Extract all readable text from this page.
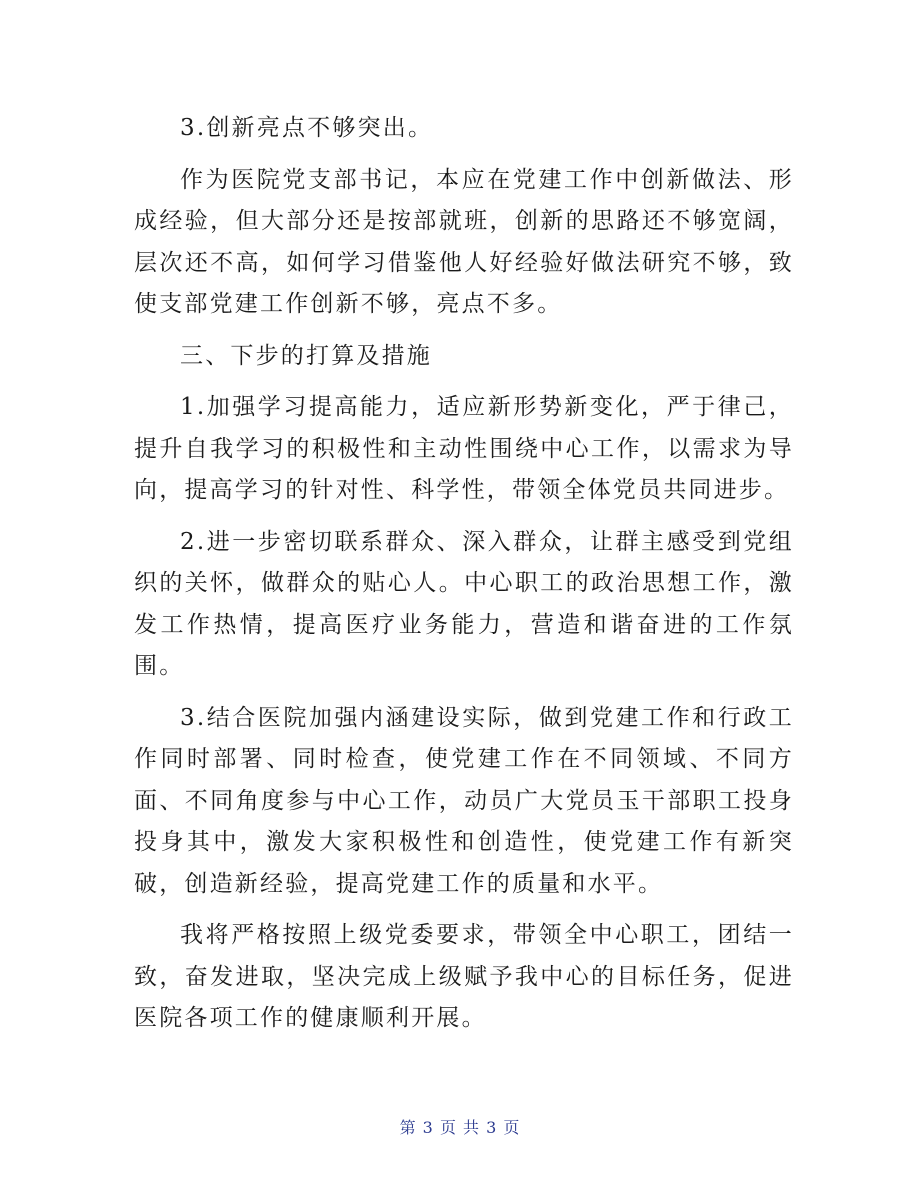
3.创新亮点不够突出。

作为医院党支部书记，本应在党建工作中创新做法、形成经验，但大部分还是按部就班，创新的思路还不够宽阔，层次还不高，如何学习借鉴他人好经验好做法研究不够，致使支部党建工作创新不够，亮点不多。

三、下步的打算及措施

1.加强学习提高能力，适应新形势新变化，严于律己，提升自我学习的积极性和主动性围绕中心工作，以需求为导向，提高学习的针对性、科学性，带领全体党员共同进步。

2.进一步密切联系群众、深入群众，让群主感受到党组织的关怀，做群众的贴心人。中心职工的政治思想工作，激发工作热情，提高医疗业务能力，营造和谐奋进的工作氛围。

3.结合医院加强内涵建设实际，做到党建工作和行政工作同时部署、同时检查，使党建工作在不同领域、不同方面、不同角度参与中心工作，动员广大党员玉干部职工投身投身其中，激发大家积极性和创造性，使党建工作有新突破，创造新经验，提高党建工作的质量和水平。

我将严格按照上级党委要求，带领全中心职工，团结一致，奋发进取，坚决完成上级赋予我中心的目标任务，促进医院各项工作的健康顺利开展。

第 3 页 共 3 页
